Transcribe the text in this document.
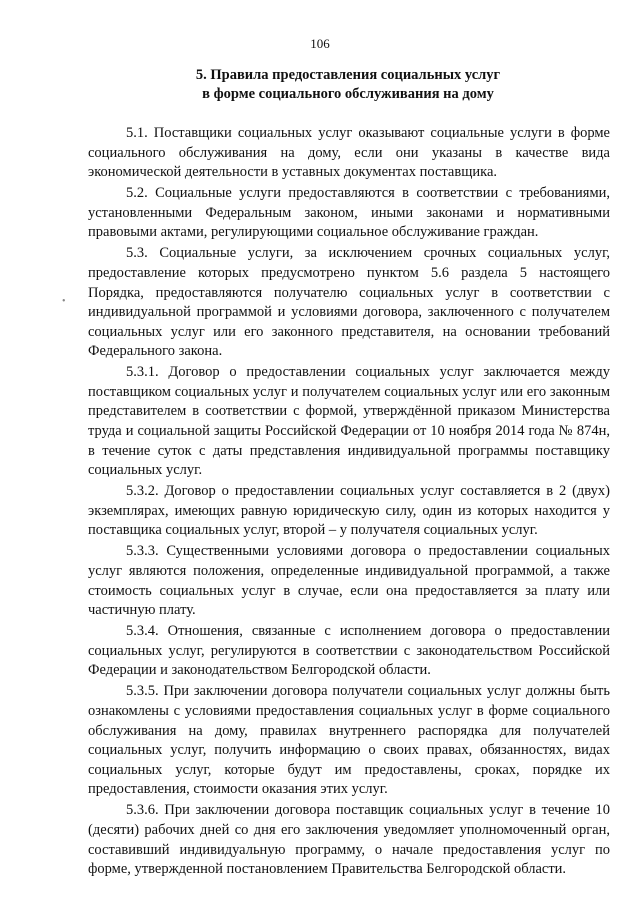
106
5. Правила предоставления социальных услуг
в форме социального обслуживания на дому

5.1. Поставщики социальных услуг оказывают социальные услуги в форме социального обслуживания на дому, если они указаны в качестве вида экономической деятельности в уставных документах поставщика.

5.2. Социальные услуги предоставляются в соответствии с требованиями, установленными Федеральным законом, иными законами и нормативными правовыми актами, регулирующими социальное обслуживание граждан.

5.3. Социальные услуги, за исключением срочных социальных услуг, предоставление которых предусмотрено пунктом 5.6 раздела 5 настоящего Порядка, предоставляются получателю социальных услуг в соответствии с индивидуальной программой и условиями договора, заключенного с получателем социальных услуг или его законного представителя, на основании требований Федерального закона.

5.3.1. Договор о предоставлении социальных услуг заключается между поставщиком социальных услуг и получателем социальных услуг или его законным представителем в соответствии с формой, утверждённой приказом Министерства труда и социальной защиты Российской Федерации от 10 ноября 2014 года № 874н, в течение суток с даты представления индивидуальной программы поставщику социальных услуг.

5.3.2. Договор о предоставлении социальных услуг составляется в 2 (двух) экземплярах, имеющих равную юридическую силу, один из которых находится у поставщика социальных услуг, второй – у получателя социальных услуг.

5.3.3. Существенными условиями договора о предоставлении социальных услуг являются положения, определенные индивидуальной программой, а также стоимость социальных услуг в случае, если она предоставляется за плату или частичную плату.

5.3.4. Отношения, связанные с исполнением договора о предоставлении социальных услуг, регулируются в соответствии с законодательством Российской Федерации и законодательством Белгородской области.

5.3.5. При заключении договора получатели социальных услуг должны быть ознакомлены с условиями предоставления социальных услуг в форме социального обслуживания на дому, правилах внутреннего распорядка для получателей социальных услуг, получить информацию о своих правах, обязанностях, видах социальных услуг, которые будут им предоставлены, сроках, порядке их предоставления, стоимости оказания этих услуг.

5.3.6. При заключении договора поставщик социальных услуг в течение 10 (десяти) рабочих дней со дня его заключения уведомляет уполномоченный орган, составивший индивидуальную программу, о начале предоставления услуг по форме, утвержденной постановлением Правительства Белгородской области.

•
